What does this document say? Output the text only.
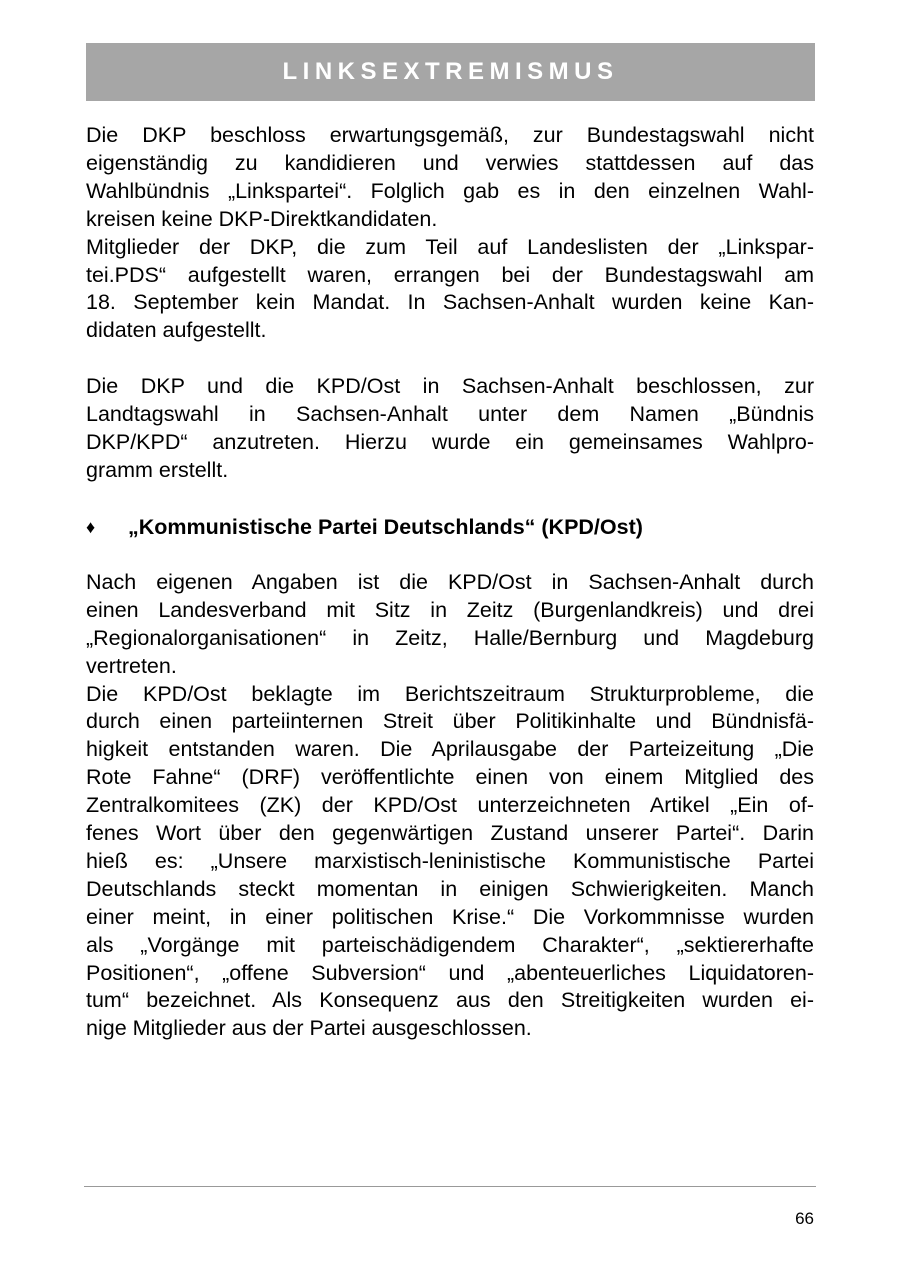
LINKSEXTREMISMUS

Die DKP beschloss erwartungsgemäß, zur Bundestagswahl nicht
eigenständig zu kandidieren und verwies stattdessen auf das
Wahlbündnis „Linkspartei“. Folglich gab es in den einzelnen Wahl-
kreisen keine DKP-Direktkandidaten.

Mitglieder der DKP, die zum Teil auf Landeslisten der „Linkspar-
tei.PDS“ aufgestellt waren, errangen bei der Bundestagswahl am
18. September kein Mandat. In Sachsen-Anhalt wurden keine Kan-
didaten aufgestellt.

Die DKP und die KPD/Ost in Sachsen-Anhalt beschlossen, zur
Landtagswahl in Sachsen-Anhalt unter dem Namen „Bündnis
DKP/KPD“ anzutreten. Hierzu wurde ein gemeinsames Wahlpro-
gramm erstellt.

♦	„Kommunistische Partei Deutschlands“ (KPD/Ost)

Nach eigenen Angaben ist die KPD/Ost in Sachsen-Anhalt durch
einen Landesverband mit Sitz in Zeitz (Burgenlandkreis) und drei
„Regionalorganisationen“ in Zeitz, Halle/Bernburg und Magdeburg
vertreten.

Die KPD/Ost beklagte im Berichtszeitraum Strukturprobleme, die
durch einen parteiinternen Streit über Politikinhalte und Bündnisfä-
higkeit entstanden waren. Die Aprilausgabe der Parteizeitung „Die
Rote Fahne“ (DRF) veröffentlichte einen von einem Mitglied des
Zentralkomitees (ZK) der KPD/Ost unterzeichneten Artikel „Ein of-
fenes Wort über den gegenwärtigen Zustand unserer Partei“. Darin
hieß es: „Unsere marxistisch-leninistische Kommunistische Partei
Deutschlands steckt momentan in einigen Schwierigkeiten. Manch
einer meint, in einer politischen Krise.“ Die Vorkommnisse wurden
als „Vorgänge mit parteischädigendem Charakter“, „sektiererhafte
Positionen“, „offene Subversion“ und „abenteuerliches Liquidatoren-
tum“ bezeichnet. Als Konsequenz aus den Streitigkeiten wurden ei-
nige Mitglieder aus der Partei ausgeschlossen.

66
